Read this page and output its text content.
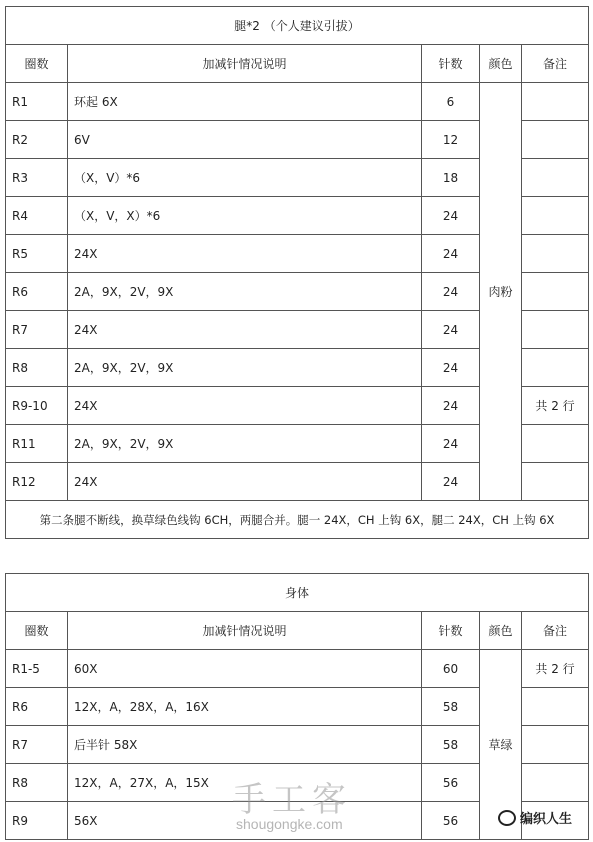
腿*2 （个人建议引拔）				
圈数	加减针情况说明	针数	颜色	备注
R1	环起 6X	6	肉粉	
R2	6V	12		
R3	（X，V）*6	18		
R4	（X，V，X）*6	24		
R5	24X	24		
R6	2A，9X，2V，9X	24		
R7	24X	24		
R8	2A，9X，2V，9X	24		
R9-10	24X	24		共 2 行
R11	2A，9X，2V，9X	24		
R12	24X	24		
第二条腿不断线，换草绿色线钩 6CH，两腿合并。腿一 24X，CH 上钩 6X，腿二 24X，CH 上钩 6X				
身体				
圈数	加减针情况说明	针数	颜色	备注
R1-5	60X	60	草绿	共 2 行
R6	12X，A，28X，A，16X	58		
R7	后半针 58X	58		
R8	12X，A，27X，A，15X	56		
R9	56X	56		
手工客
shougongke.com	编织人生
